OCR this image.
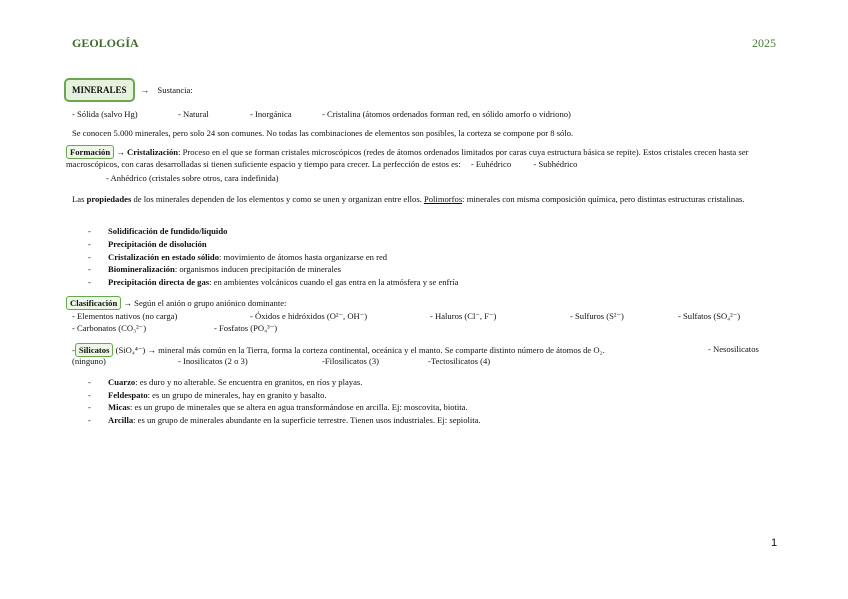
GEOLOGÍA	2025
MINERALES → Sustancia:
- Sólida (salvo Hg)	- Natural	- Inorgánica	- Cristalina (átomos ordenados forman red, en sólido amorfo o vidriono)
Se conocen 5.000 minerales, pero solo 24 son comunes. No todas las combinaciones de elementos son posibles, la corteza se compone por 8 sólo.
Formación → Cristalización: Proceso en el que se forman cristales microscópicos (redes de átomos ordenados limitados por caras cuya estructura básica se repite). Estos cristales crecen hasta ser macroscópicos, con caras desarrolladas si tienen suficiente espacio y tiempo para crecer. La perfección de estos es: - Euhédrico	- Subhédrico
- Anhédrico (cristales sobre otros, cara indefinida)
Las propiedades de los minerales dependen de los elementos y como se unen y organizan entre ellos. Polimorfos: minerales con misma composición química, pero distintas estructuras cristalinas.
- Solidificación de fundido/líquido
- Precipitación de disolución
- Cristalización en estado sólido: movimiento de átomos hasta organizarse en red
- Biomineralización: organismos inducen precipitación de minerales
- Precipitación directa de gas: en ambientes volcánicos cuando el gas entra en la atmósfera y se enfría
Clasificación → Según el anión o grupo aniónico dominante:
- Elementos nativos (no carga)	- Óxidos e hidróxidos (O²⁻, OH⁻)	- Haluros (Cl⁻, F⁻)	- Sulfuros (S²⁻)	- Sulfatos (SO₄²⁻)
- Carbonatos (CO₃²⁻)	- Fosfatos (PO₄³⁻)
- Silicatos (SiO₄⁴⁻) → mineral más común en la Tierra, forma la corteza continental, oceánica y el manto. Se comparte distinto número de átomos de O₂.	- Nesosilicatos
(ninguno)	- Inosilicatos (2 o 3)	-Filosilicatos (3)	-Tectosilicatos (4)
- Cuarzo: es duro y no alterable. Se encuentra en granitos, en ríos y playas.
- Feldespato: es un grupo de minerales, hay en granito y basalto.
- Micas: es un grupo de minerales que se altera en agua transformándose en arcilla. Ej: moscovita, biotita.
- Arcilla: es un grupo de minerales abundante en la superficie terrestre. Tienen usos industriales. Ej: sepiolita.
1
